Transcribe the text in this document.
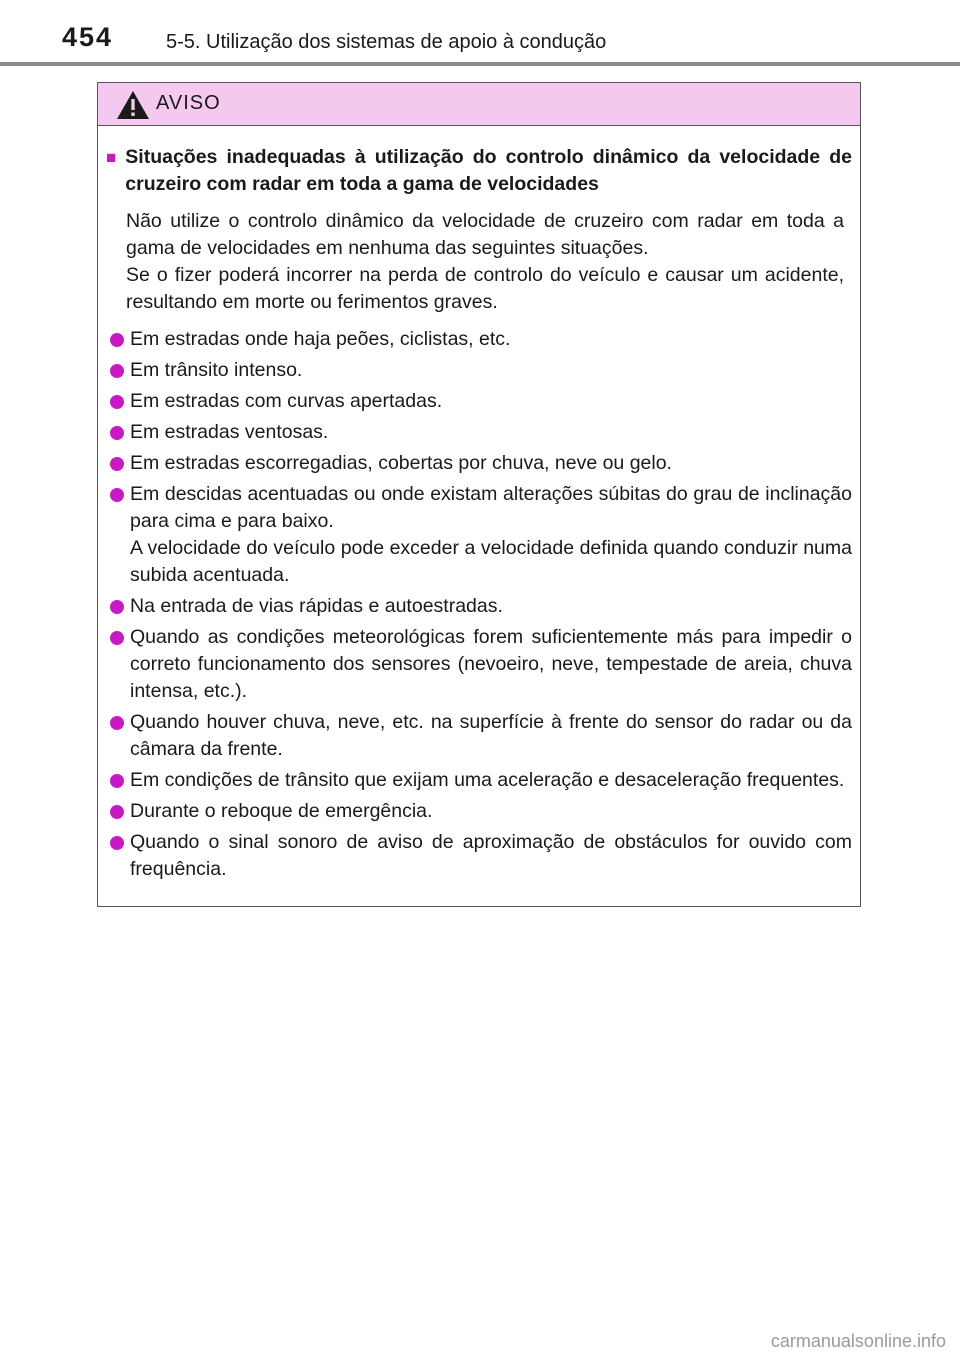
454	5-5. Utilização dos sistemas de apoio à condução
AVISO
■ Situações inadequadas à utilização do controlo dinâmico da velocidade de cruzeiro com radar em toda a gama de velocidades

Não utilize o controlo dinâmico da velocidade de cruzeiro com radar em toda a gama de velocidades em nenhuma das seguintes situações.

Se o fizer poderá incorrer na perda de controlo do veículo e causar um acidente, resultando em morte ou ferimentos graves.

Em estradas onde haja peões, ciclistas, etc.
Em trânsito intenso.
Em estradas com curvas apertadas.
Em estradas ventosas.
Em estradas escorregadias, cobertas por chuva, neve ou gelo.
Em descidas acentuadas ou onde existam alterações súbitas do grau de inclinação para cima e para baixo.
A velocidade do veículo pode exceder a velocidade definida quando conduzir numa subida acentuada.
Na entrada de vias rápidas e autoestradas.
Quando as condições meteorológicas forem suficientemente más para impedir o correto funcionamento dos sensores (nevoeiro, neve, tempestade de areia, chuva intensa, etc.).
Quando houver chuva, neve, etc. na superfície à frente do sensor do radar ou da câmara da frente.
Em condições de trânsito que exijam uma aceleração e desaceleração frequentes.
Durante o reboque de emergência.
Quando o sinal sonoro de aviso de aproximação de obstáculos for ouvido com frequência.
carmanualsonline.info
